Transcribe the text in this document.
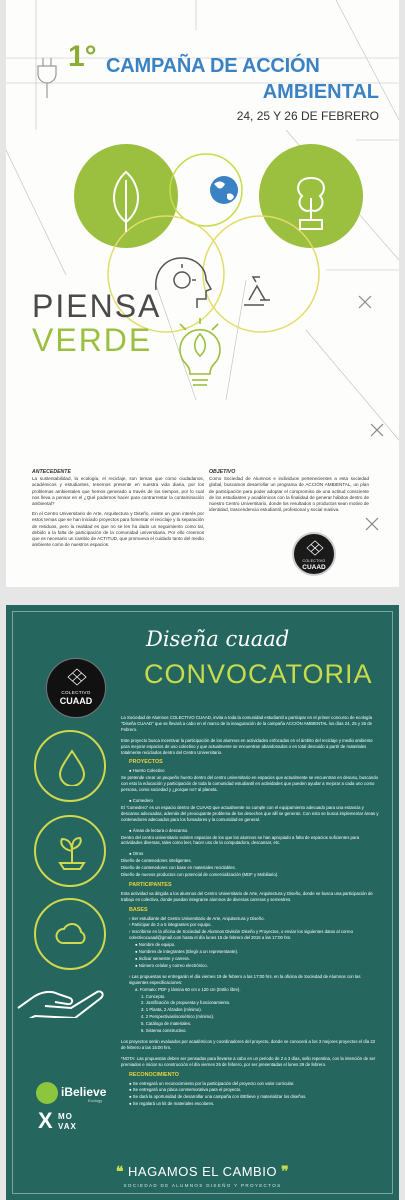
1° CAMPAÑA DE ACCIÓN
AMBIENTAL
24, 25 Y 26 DE FEBRERO
PIENSA
VERDE
ANTECEDENTE

La sustentabilidad, la ecología, el reciclaje, son temas que como ciudadanos, académicos y estudiantes, tenemos presente en nuestra vida diaria, por los problemas ambientales que hemos generado a través de los tiempos, por lo cual nos lleva a pensar en el ¿Qué podemos hacer para contrarrestar la contaminación ambiental?

En el Centro Universitario de Arte, Arquitectura y Diseño, existe un gran interés por estos temas que se han iniciado proyectos para fomentar el reciclaje y la separación de residuos, pero la realidad es que no se les ha dado un seguimiento como tal, debido a la falta de participación de la comunidad universitaria. Por ello creemos que es necesario un cambio de ACTITUD, que promueva el cuidado tanto del medio ambiente como de nuestros espacios.

OBJETIVO

Como Sociedad de Alumnos e individuos pertenecientes a esta sociedad global, buscamos desarrollar un programa de ACCIÓN AMBIENTAL, un plan de participación para poder adoptar el compromiso de una actitud consciente de los estudiantes y académicos con la finalidad de generar hábitos dentro de nuestro Centro Universitario, donde los resultados o productos sean motivo de identidad, trascendencia estudiantil, profesional y social masiva.

COLECTIVO
CUAAD
Diseña cuaad
CONVOCATORIA
COLECTIVO
CUAAD

La Sociedad de Alumnos COLECTIVO CUAAD, invita a toda la comunidad estudiantil a participar en el primer concurso de ecología "Diseña CUAAD" que se llevará a cabo en el marco de la inauguración de la campaña ACCIÓN AMBIENTAL los días 24, 25 y 26 de Febrero.

Este proyecto busca incentivar la participación de los alumnos en actividades enfocadas en el ámbito del reciclaje y medio ambiente para mejorar espacios de uso colectivo y que actualmente se encuentran abandonados o en total descuido a partir de materiales totalmente reciclados dentro del Centro Universitario.

PROYECTOS

● Huerto Colectivo

Se pretende crear un pequeño huerto dentro del centro universitario en espacios que actualmente se encuentran en desuso, buscando con esto la educación y participación de toda la comunidad estudiantil en actividades que pueden ayudar a mejorar a cada uno como persona, como sociedad y ¿porque no? al planeta.

● Comedero

El "comedero" es un espacio dentro de CUAAD que actualmente no cumple con el equipamiento adecuado para una estancia y descanso adecuadas, además del preocupante problema de los desechos que allí se generan. Con esto se busca implementar áreas y contenedores adecuados para los fumadores y la comunidad en general.

● Áreas de lectura o descanso.

Dentro del centro universitario existen espacios de los que los alumnos se han apropiado a falta de espacios suficientes para actividades diversas, tales como leer, hacer uso de la computadora, descansar, etc.

● Otros

Diseño de contenedores inteligentes.

Diseño de contenedores con base en materiales reciclables.

Diseño de nuevos productos con potencial de comercialización (MDF y Mobiliario).

PARTICIPANTES

Esta actividad va dirigida a los alumnos del Centro Universitario de Arte, Arquitectura y Diseño, donde se busca una participación de trabajo en colectivo, donde puedan integrarse alumnos de diversas carreras y semestres.

BASES

› Ser estudiante del Centro Universitario de Arte, Arquitectura y Diseño.

› Participar de 2 a 5 integrantes por equipo.

› Inscribirse en la oficina de Sociedad de Alumnos División Diseño y Proyectos, o enviar los siguientes datos al correo colectivocuaad@gmail.com hasta el día lunes 15 de febrero del 2016 a las 17:00 hrs.

● Nombre de equipo.

● Nombres de integrantes (Elegir a un representante).

● Indicar semestre y carrera.

● Número celular y correo electrónico.

› Las propuestas se entregarán el día viernes 19 de febrero a las 17:00 hrs. en la oficina de Sociedad de Alumnos con las siguientes especificaciones:

a. Formato: PDF y lámina 60 cm x 120 cm (Estilo libre).

1. Concepto.

2. Justificación de propuesta y funcionamiento.

3. 1 Planta, 2 Alzados (mínimo).

4. 2 Perspectivas/isométrico (mínimo).

5. Catálogo de materiales.

6. Sistema constructivo.

Los proyectos serán evaluados por académicos y coordinadores del proyecto, donde se conocerá a los 3 mejores proyectos el día 22 de febrero a las 15:00 hrs.

*NOTA: Las propuestas deben ser pensadas para llevarse a cabo en un periodo de 2 a 3 días, sello repentina, con la intención de ser premiados e iniciar su construcción el día viernes 26 de febrero, por ser presentadas el lunes 29 de febrero.

RECONOCIMIENTO

● Se entregará un reconocimiento por la participación del proyecto con valor curricular.

● Se entregará una placa conmemorativa para el proyecto.

● Se dará la oportunidad de desarrollar una campaña con iBElieve y materializar los diseños.

● Se regalará un kit de materiales escolares.

iBelieve
Ecology
X MO
VAX
❝ HAGAMOS EL CAMBIO ❞
SOCIEDAD DE ALUMNOS DISEÑO Y PROYECTOS
